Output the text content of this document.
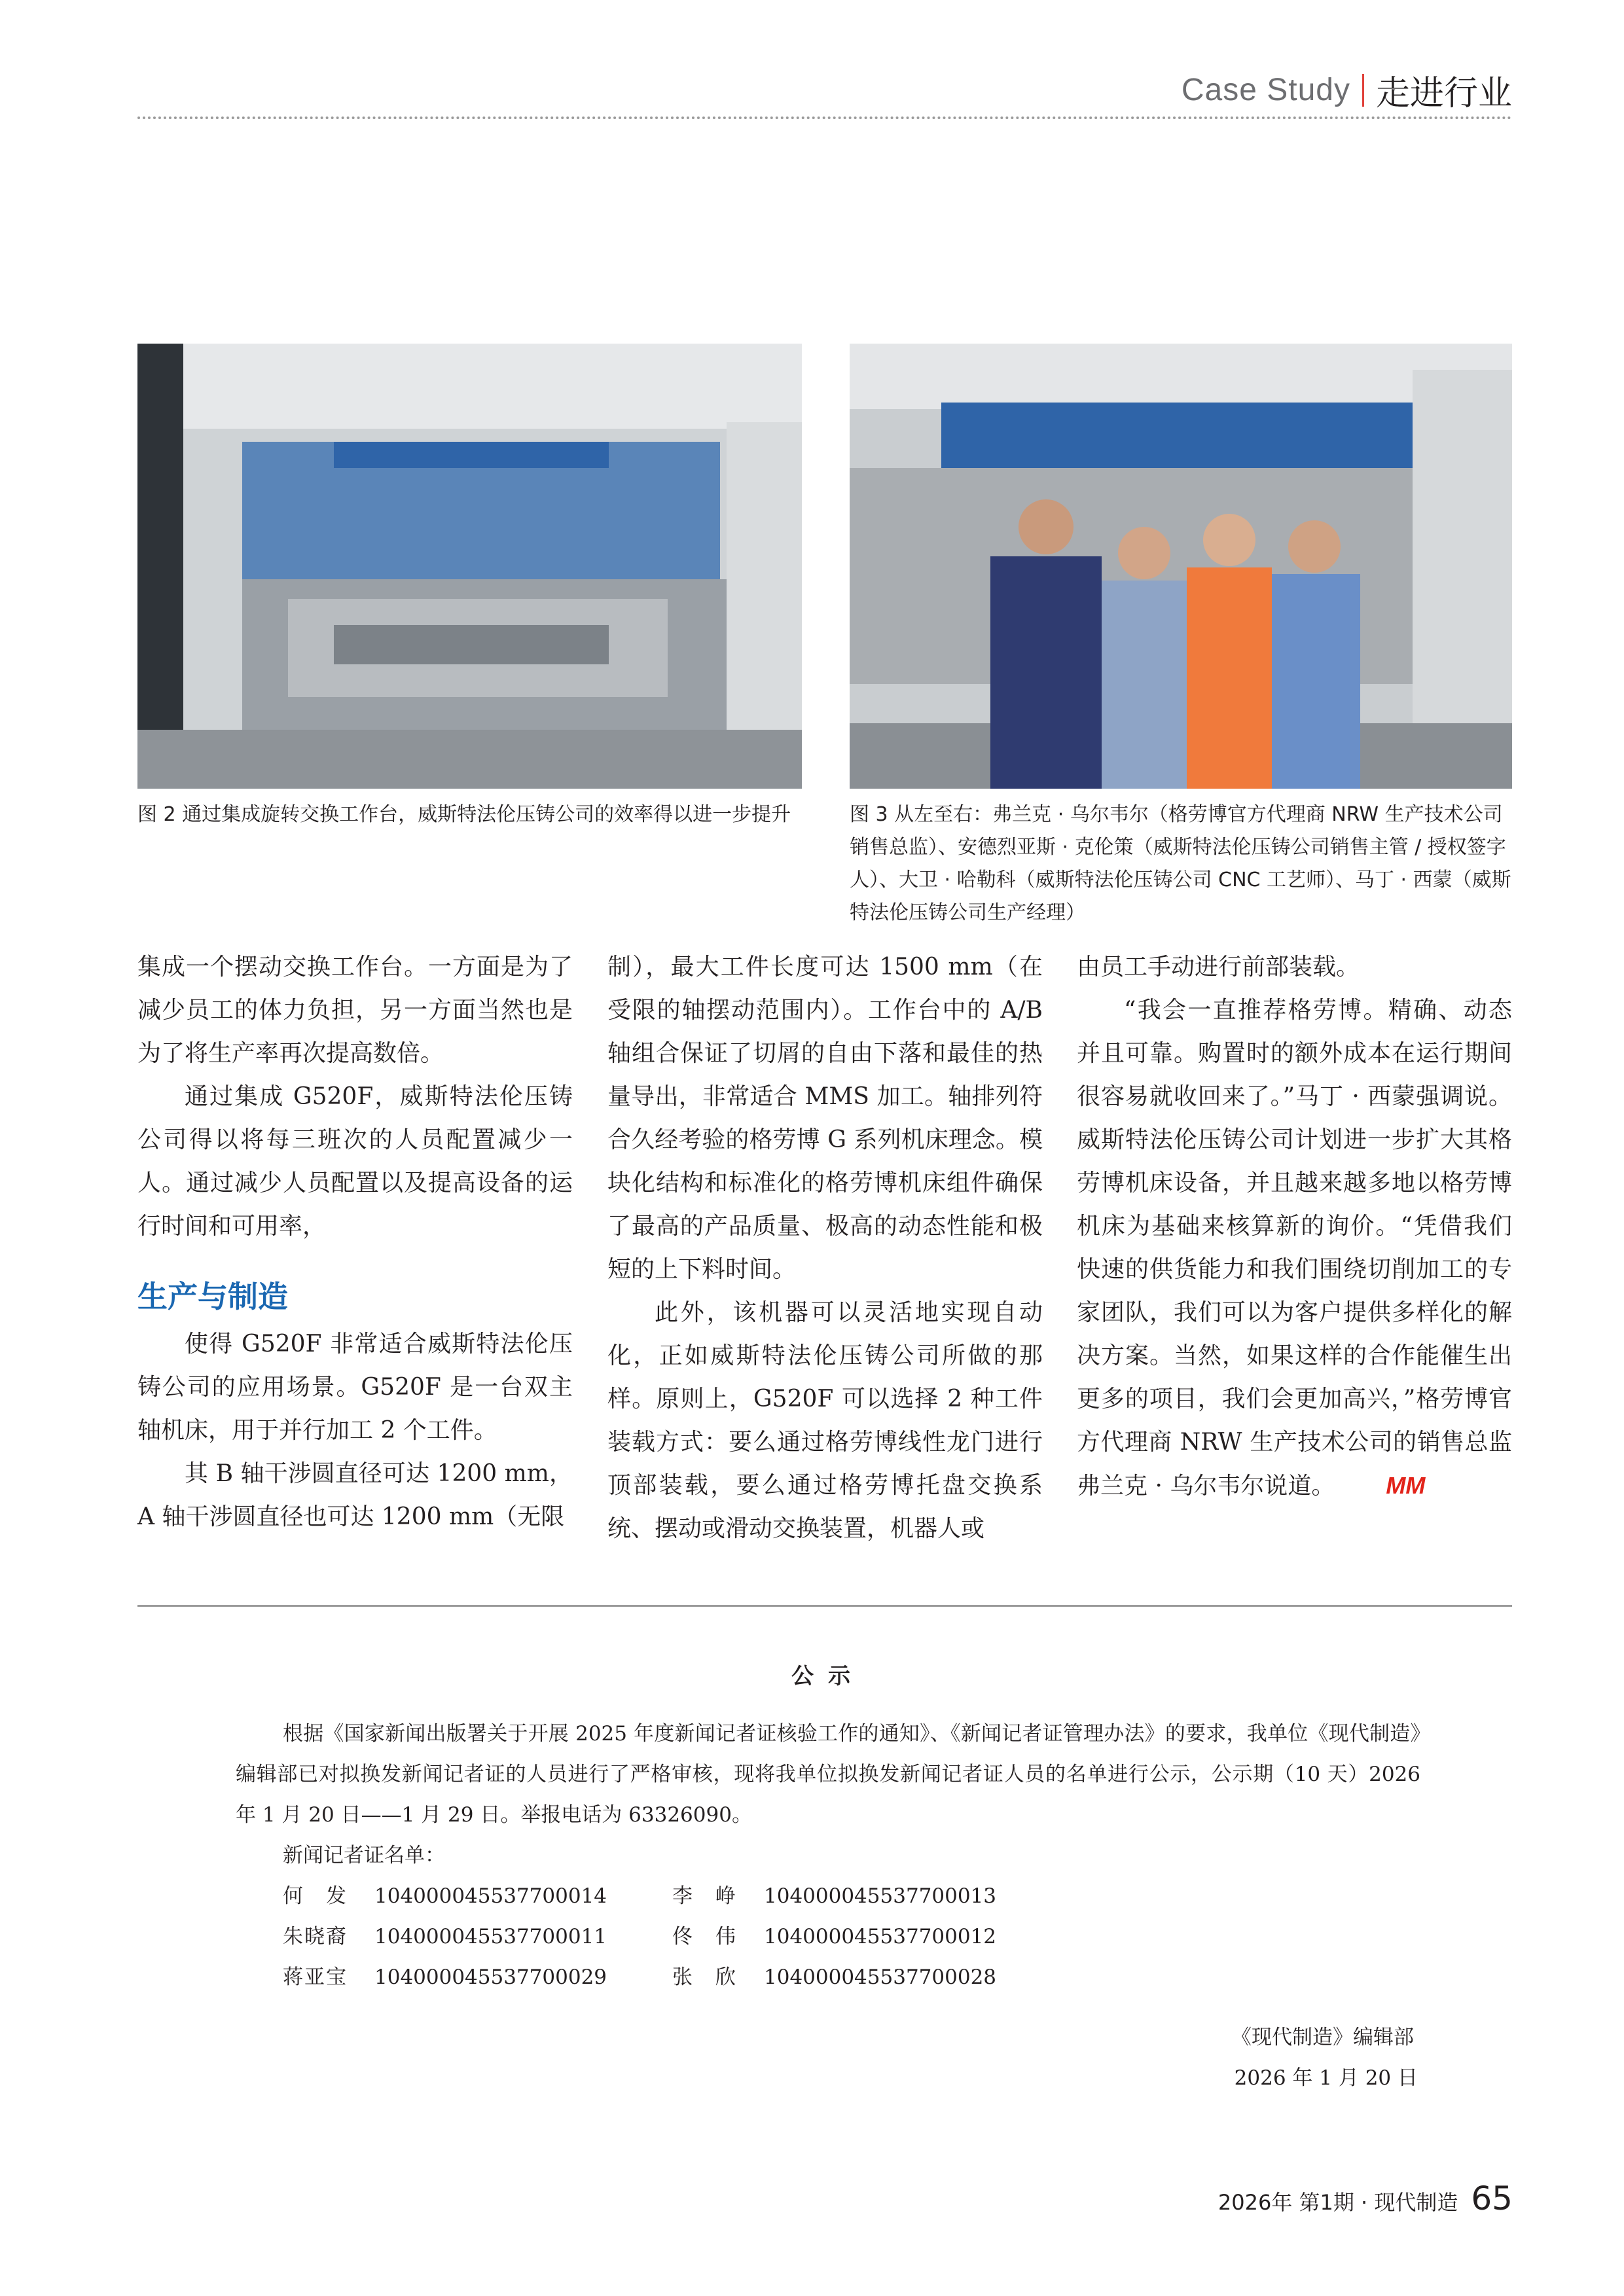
Case Study 走进行业
图 2 通过集成旋转交换工作台，威斯特法伦压铸公司的效率得以进一步提升	图 3 从左至右：弗兰克 · 乌尔韦尔（格劳博官方代理商 NRW 生产技术公司销售总监）、安德烈亚斯 · 克伦策（威斯特法伦压铸公司销售主管 / 授权签字人）、大卫 · 哈勒科（威斯特法伦压铸公司 CNC 工艺师）、马丁 · 西蒙（威斯特法伦压铸公司生产经理）

集成一个摆动交换工作台。一方面是为了减少员工的体力负担，另一方面当然也是为了将生产率再次提高数倍。

通过集成 G520F，威斯特法伦压铸公司得以将每三班次的人员配置减少一人。通过减少人员配置以及提高设备的运行时间和可用率，

生产与制造

使得 G520F 非常适合威斯特法伦压铸公司的应用场景。G520F 是一台双主轴机床，用于并行加工 2 个工件。

其 B 轴干涉圆直径可达 1200 mm，A 轴干涉圆直径也可达 1200 mm（无限

制），最大工件长度可达 1500 mm（在受限的轴摆动范围内）。工作台中的 A/B 轴组合保证了切屑的自由下落和最佳的热量导出，非常适合 MMS 加工。轴排列符合久经考验的格劳博 G 系列机床理念。模块化结构和标准化的格劳博机床组件确保了最高的产品质量、极高的动态性能和极短的上下料时间。

此外，该机器可以灵活地实现自动化，正如威斯特法伦压铸公司所做的那样。原则上，G520F 可以选择 2 种工件装载方式：要么通过格劳博线性龙门进行顶部装载，要么通过格劳博托盘交换系统、摆动或滑动交换装置，机器人或

由员工手动进行前部装载。

“我会一直推荐格劳博。精确、动态并且可靠。购置时的额外成本在运行期间很容易就收回来了。”马丁 · 西蒙强调说。威斯特法伦压铸公司计划进一步扩大其格劳博机床设备，并且越来越多地以格劳博机床为基础来核算新的询价。“凭借我们快速的供货能力和我们围绕切削加工的专家团队，我们可以为客户提供多样化的解决方案。当然，如果这样的合作能催生出更多的项目，我们会更加高兴，”格劳博官方代理商 NRW 生产技术公司的销售总监弗兰克 · 乌尔韦尔说道。 MM

公示
根据《国家新闻出版署关于开展 2025 年度新闻记者证核验工作的通知》、《新闻记者证管理办法》的要求，我单位《现代制造》编辑部已对拟换发新闻记者证的人员进行了严格审核，现将我单位拟换发新闻记者证人员的名单进行公示，公示期（10 天）2026 年 1 月 20 日——1 月 29 日。举报电话为 63326090。
新闻记者证名单：
何　发 104000045537700014	李　峥 104000045537700013
朱晓裔 104000045537700011	佟　伟 104000045537700012
蒋亚宝 104000045537700029	张　欣 104000045537700028
《现代制造》编辑部
2026 年 1 月 20 日
2026年 第1期 · 现代制造 65
